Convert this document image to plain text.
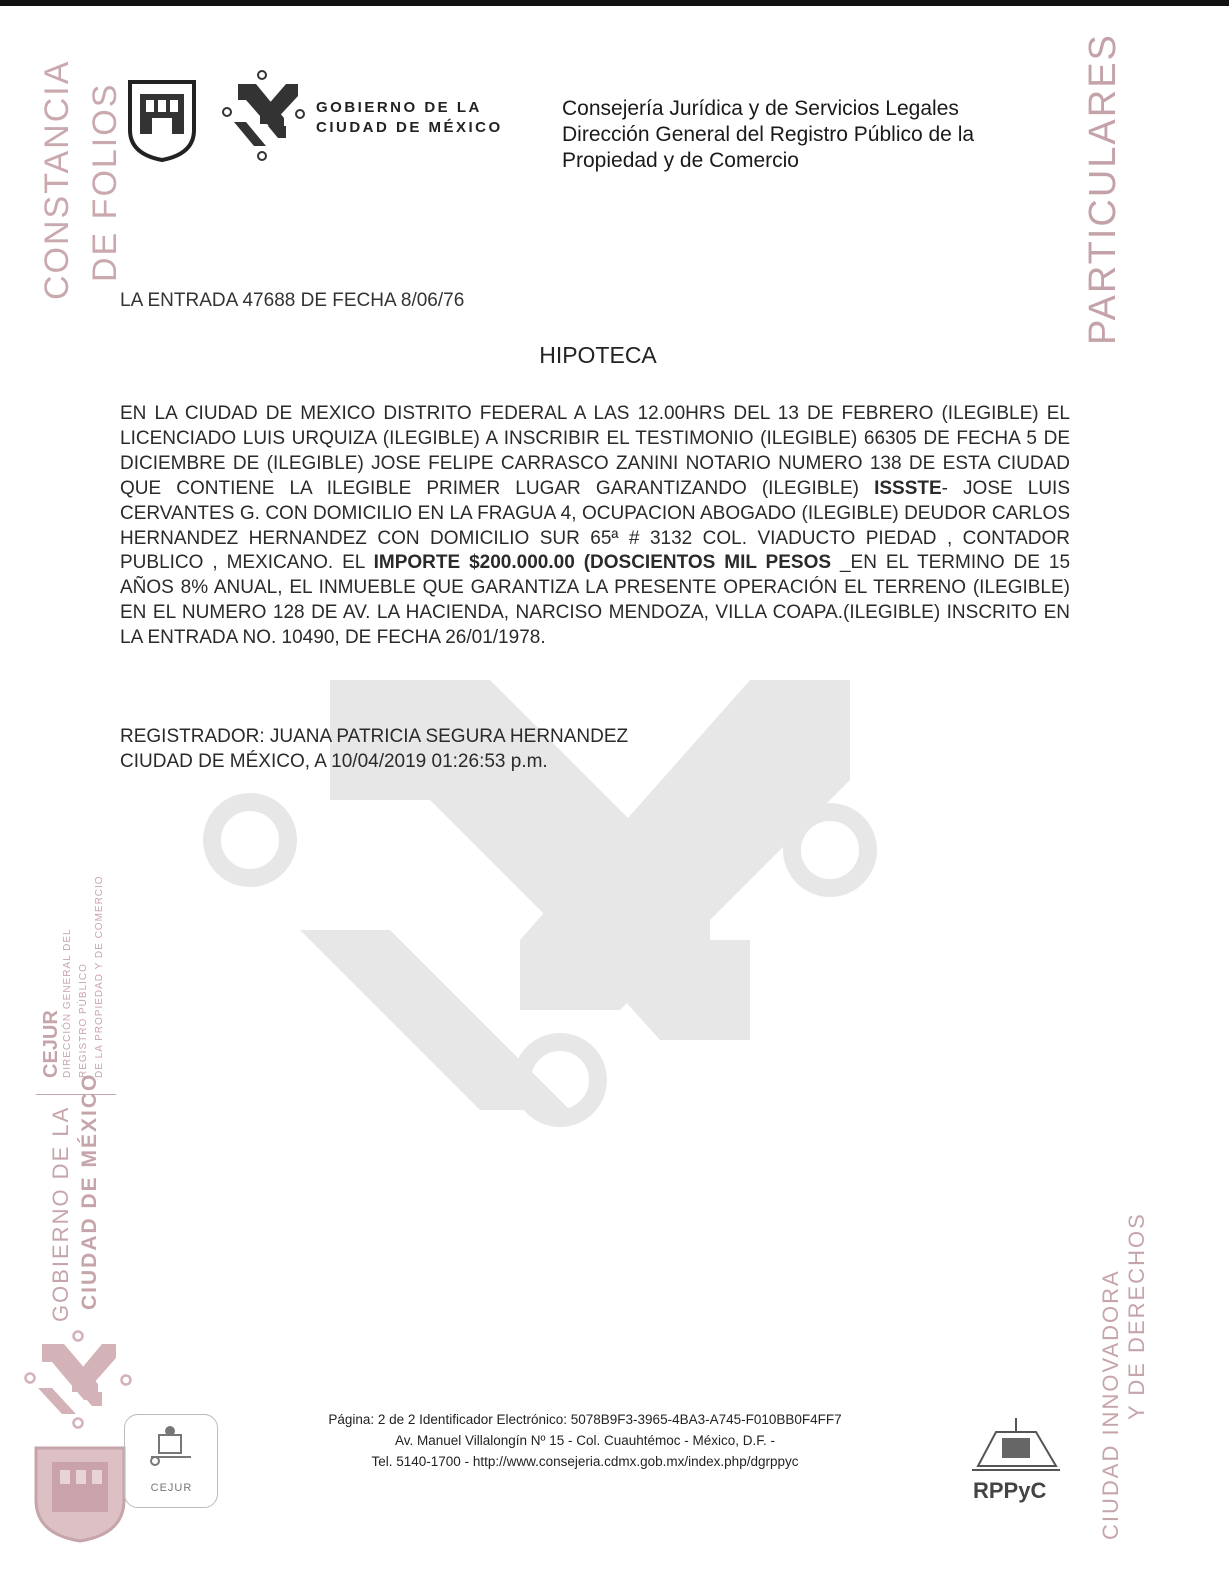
CONSTANCIA DE FOLIOS	PARTICULARES
GOBIERNO DE LA
CIUDAD DE MÉXICO
Consejería Jurídica y de Servicios Legales
Dirección General del Registro Público de la
Propiedad y de Comercio
LA ENTRADA 47688 DE FECHA 8/06/76
HIPOTECA
EN LA CIUDAD DE MEXICO DISTRITO FEDERAL A LAS 12.00HRS DEL 13 DE FEBRERO (ILEGIBLE) EL LICENCIADO LUIS URQUIZA (ILEGIBLE) A INSCRIBIR EL TESTIMONIO (ILEGIBLE) 66305 DE FECHA 5 DE DICIEMBRE DE (ILEGIBLE) JOSE FELIPE CARRASCO ZANINI NOTARIO NUMERO 138 DE ESTA CIUDAD QUE CONTIENE LA ILEGIBLE PRIMER LUGAR GARANTIZANDO (ILEGIBLE) ISSSTE- JOSE LUIS CERVANTES G. CON DOMICILIO EN LA FRAGUA 4, OCUPACION ABOGADO (ILEGIBLE) DEUDOR CARLOS HERNANDEZ HERNANDEZ CON DOMICILIO SUR 65ª # 3132 COL. VIADUCTO PIEDAD , CONTADOR PUBLICO , MEXICANO. EL IMPORTE $200.000.00 (DOSCIENTOS MIL PESOS _EN EL TERMINO DE 15 AÑOS 8% ANUAL, EL INMUEBLE QUE GARANTIZA LA PRESENTE OPERACIÓN EL TERRENO (ILEGIBLE) EN EL NUMERO 128 DE AV. LA HACIENDA, NARCISO MENDOZA, VILLA COAPA.(ILEGIBLE) INSCRITO EN LA ENTRADA NO. 10490, DE FECHA 26/01/1978.
REGISTRADOR: JUANA PATRICIA SEGURA HERNANDEZ
CIUDAD DE MÉXICO, A 10/04/2019 01:26:53 p.m.
CEJUR DIRECCIÓN GENERAL DEL REGISTRO PÚBLICO DE LA PROPIEDAD Y DE COMERCIO
GOBIERNO DE LA CIUDAD DE MÉXICO
CEJUR
Página: 2 de 2 Identificador Electrónico: 5078B9F3-3965-4BA3-A745-F010BB0F4FF7
Av. Manuel Villalongín Nº 15 - Col. Cuauhtémoc - México, D.F. -
Tel. 5140-1700 - http://www.consejeria.cdmx.gob.mx/index.php/dgrppyc
RPPyC CIUDAD INNOVADORA Y DE DERECHOS
